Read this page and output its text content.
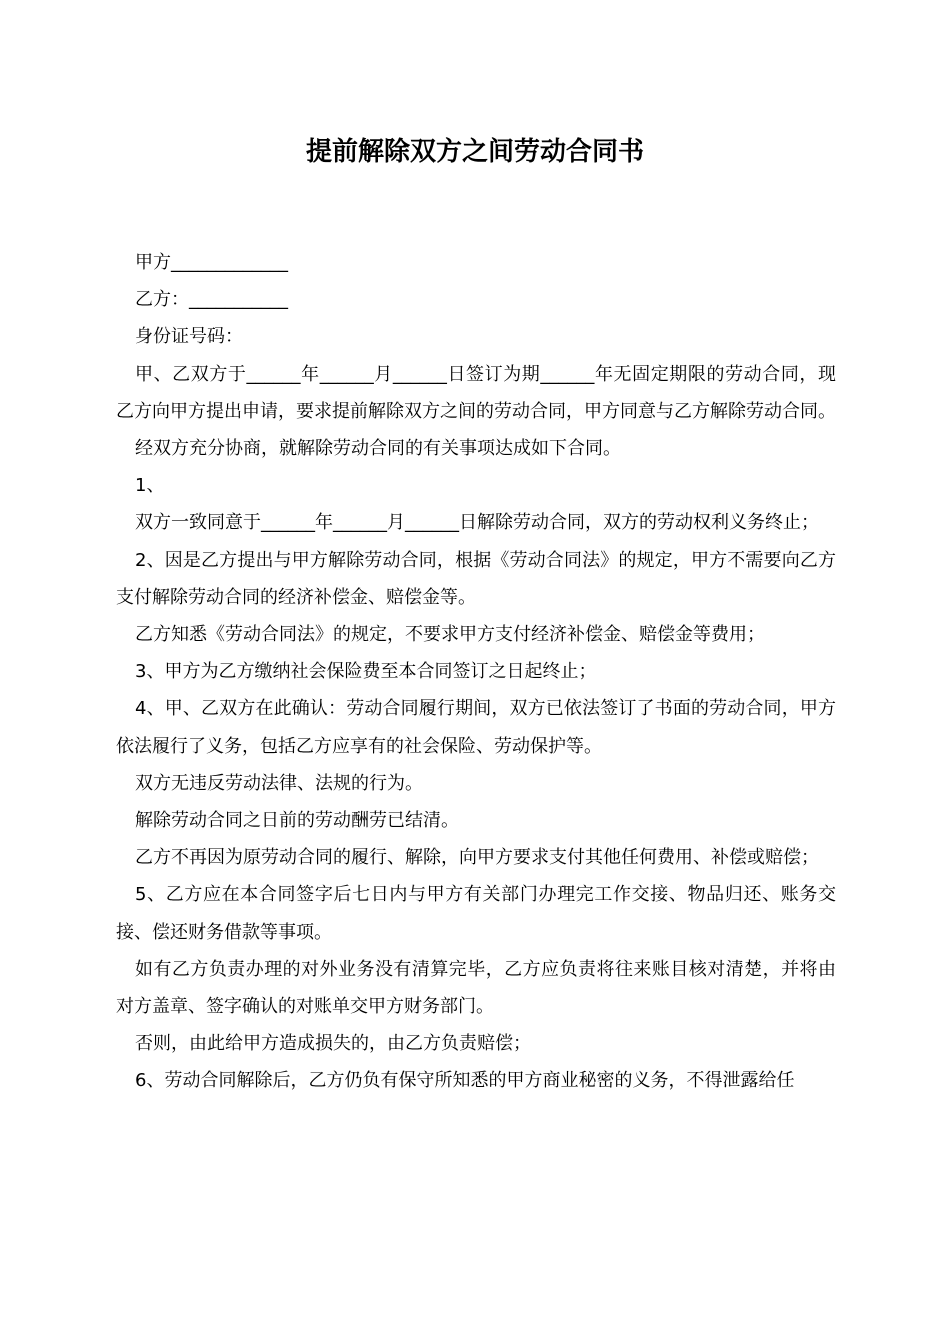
提前解除双方之间劳动合同书

甲方_____________

乙方：___________

身份证号码：

甲、乙双方于______年______月______日签订为期______年无固定期限的劳动合同，现乙方向甲方提出申请，要求提前解除双方之间的劳动合同，甲方同意与乙方解除劳动合同。

经双方充分协商，就解除劳动合同的有关事项达成如下合同。

1、

双方一致同意于______年______月______日解除劳动合同，双方的劳动权利义务终止；

2、因是乙方提出与甲方解除劳动合同，根据《劳动合同法》的规定，甲方不需要向乙方支付解除劳动合同的经济补偿金、赔偿金等。

乙方知悉《劳动合同法》的规定，不要求甲方支付经济补偿金、赔偿金等费用；

3、甲方为乙方缴纳社会保险费至本合同签订之日起终止；

4、甲、乙双方在此确认：劳动合同履行期间，双方已依法签订了书面的劳动合同，甲方依法履行了义务，包括乙方应享有的社会保险、劳动保护等。

双方无违反劳动法律、法规的行为。

解除劳动合同之日前的劳动酬劳已结清。

乙方不再因为原劳动合同的履行、解除，向甲方要求支付其他任何费用、补偿或赔偿；

5、乙方应在本合同签字后七日内与甲方有关部门办理完工作交接、物品归还、账务交接、偿还财务借款等事项。

如有乙方负责办理的对外业务没有清算完毕，乙方应负责将往来账目核对清楚，并将由对方盖章、签字确认的对账单交甲方财务部门。

否则，由此给甲方造成损失的，由乙方负责赔偿；

6、劳动合同解除后，乙方仍负有保守所知悉的甲方商业秘密的义务，不得泄露给任
